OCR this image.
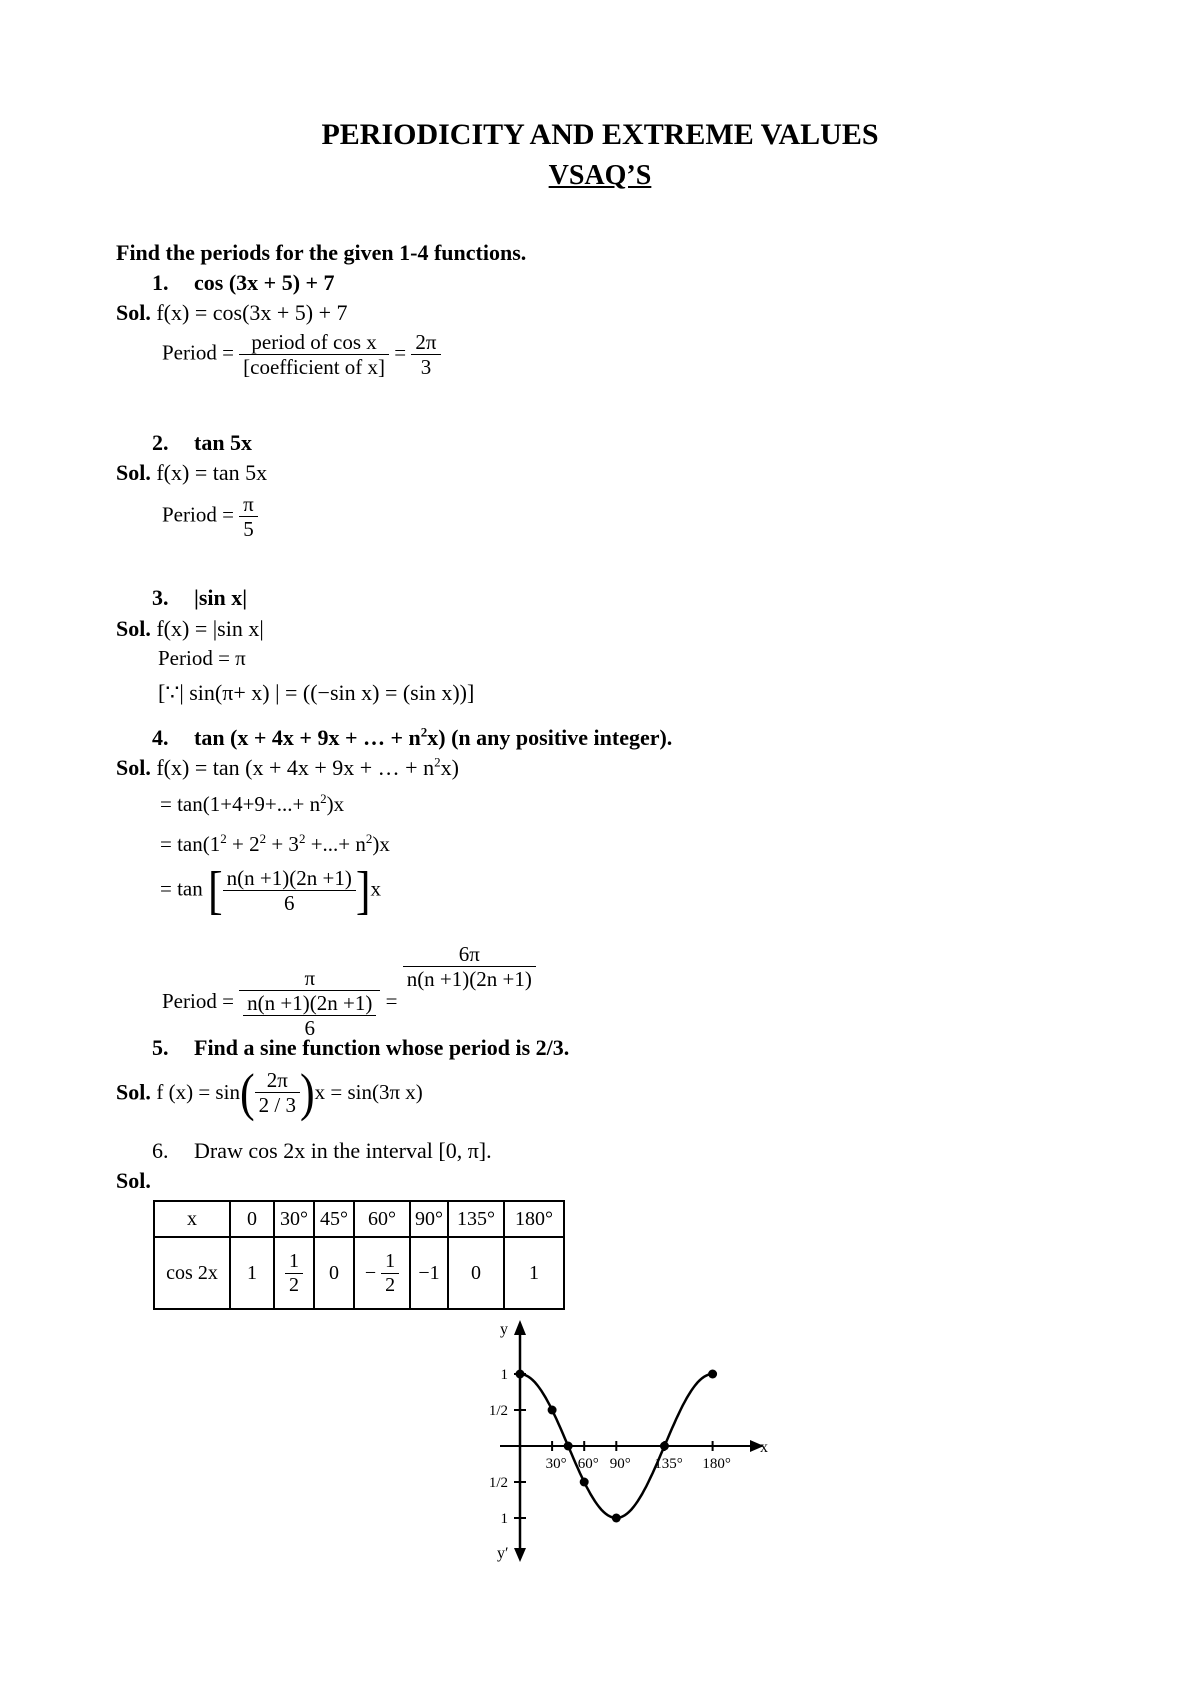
PERIODICITY AND EXTREME VALUES
VSAQ’S
Find the periods for the given 1-4 functions.
1. cos (3x + 5) + 7
Sol. f(x) = cos(3x + 5) + 7
Period = $\frac{\text{period of cos x}}{\text{[coefficient of x]}} = \frac{2\pi}{3}$
2. tan 5x
Sol. f(x) = tan 5x
Period = $\frac{\pi}{5}$
3. |sin x|
Sol. f(x) = |sin x|
Period = π
[∵| sin(π+ x) | = ((−sin x) = (sin x))]
4. tan (x + 4x + 9x + … + $n^2x$) (n any positive integer).
Sol. f(x) = tan (x + 4x + 9x + … + $n^2x$)
= $\tan(1+4+9+...+ n^2)x$
= $\tan(1^2 + 2^2 + 3^2$ +...+ $n^2)x$
= tan [ $\frac{n(n +1)(2n +1)}{6} ]x$
Period = $\frac{\pi}{\frac{n(n +1)(2n +1)}{6}}$ =
$\frac{6\pi}{n(n +1)(2n +1)}$
5. Find a sine function whose period is 2/3.
Sol. f $(x) = \sin( \frac{2\pi}{2 / 3} )x = \sin(3\pi$ x)
6. Draw cos 2x in the interval [0, π].
Sol.
x	0	30°	45°	60°	90°	135°	180°
cos 2x	1	$\frac{1}{2}$	0	− $\frac{1}{2}$	−1	0	1
y
y′
x
1
1/2
1/2
1
30° 60° 90° 135° 180°
